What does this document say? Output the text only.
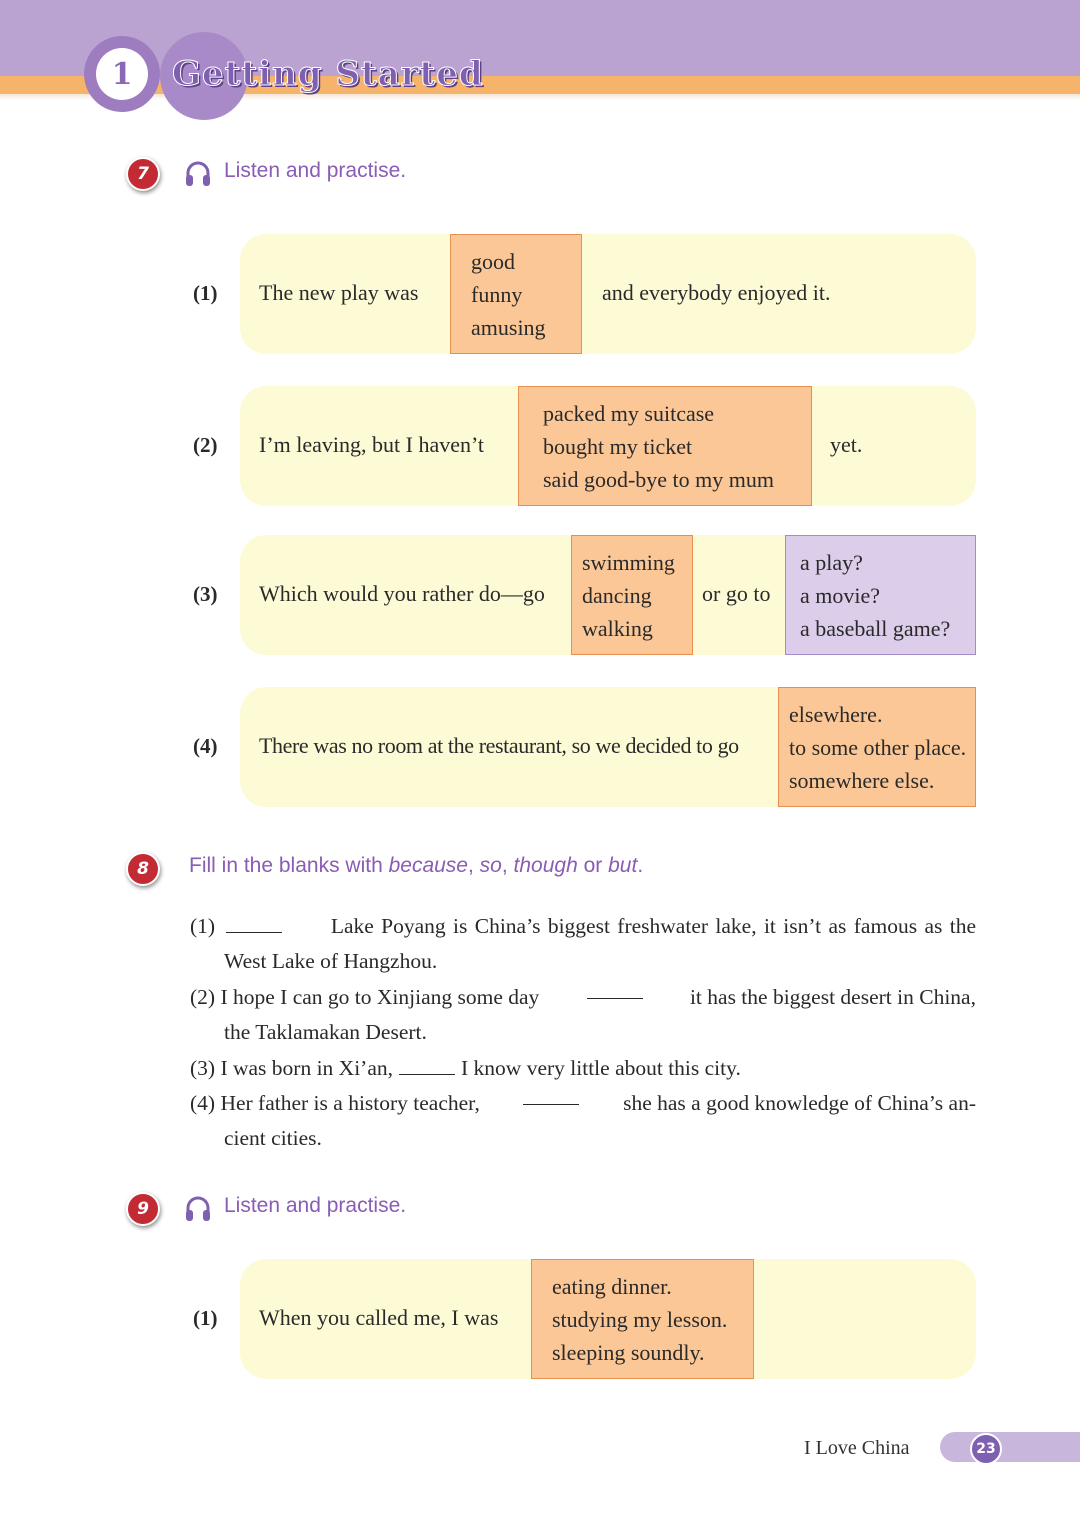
1	Getting Started
7	Listen and practise.
(1) The new play was
good
funny
amusing
and everybody enjoyed it.
(2) I’m leaving, but I haven’t
packed my suitcase
bought my ticket
said good-bye to my mum
yet.
(3) Which would you rather do—go
swimming
dancing
walking
or go to
a play?
a movie?
a baseball game?
(4) There was no room at the restaurant, so we decided to go
elsewhere.
to some other place.
somewhere else.
8	Fill in the blanks with because, so, though or but.
(1)	Lake Poyang is China’s biggest freshwater lake, it isn’t as famous as the
West Lake of Hangzhou.
(2) I hope I can go to Xinjiang some day	it has the biggest desert in China,
the Taklamakan Desert.
(3) I was born in Xi’an,	I know very little about this city.
(4) Her father is a history teacher,	she has a good knowledge of China’s an-
cient cities.
9	Listen and practise.
(1) When you called me, I was
eating dinner.
studying my lesson.
sleeping soundly.
I Love China	23
